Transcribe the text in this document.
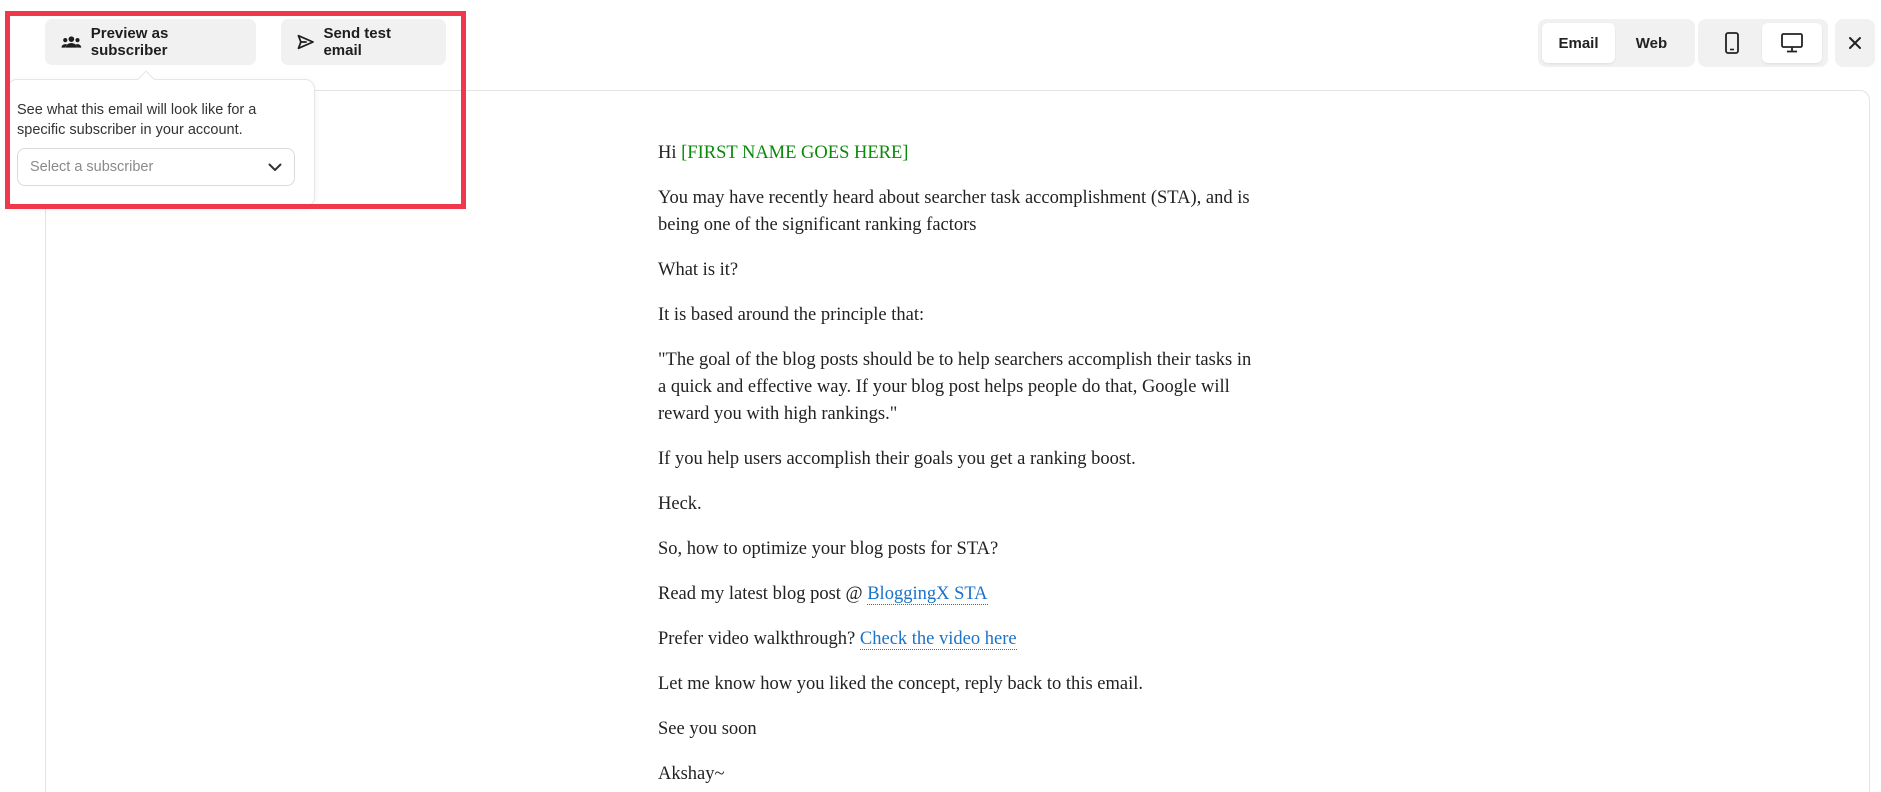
Preview as subscriber
Send test email
See what this email will look like for a specific subscriber in your account.
Select a subscriber
Email	Web

Hi [FIRST NAME GOES HERE]

You may have recently heard about searcher task accomplishment (STA), and is being one of the significant ranking factors

What is it?

It is based around the principle that:

"The goal of the blog posts should be to help searchers accomplish their tasks in a quick and effective way. If your blog post helps people do that, Google will reward you with high rankings."

If you help users accomplish their goals you get a ranking boost.

Heck.

So, how to optimize your blog posts for STA?

Read my latest blog post @ BloggingX STA

Prefer video walkthrough? Check the video here

Let me know how you liked the concept, reply back to this email.

See you soon

Akshay~
